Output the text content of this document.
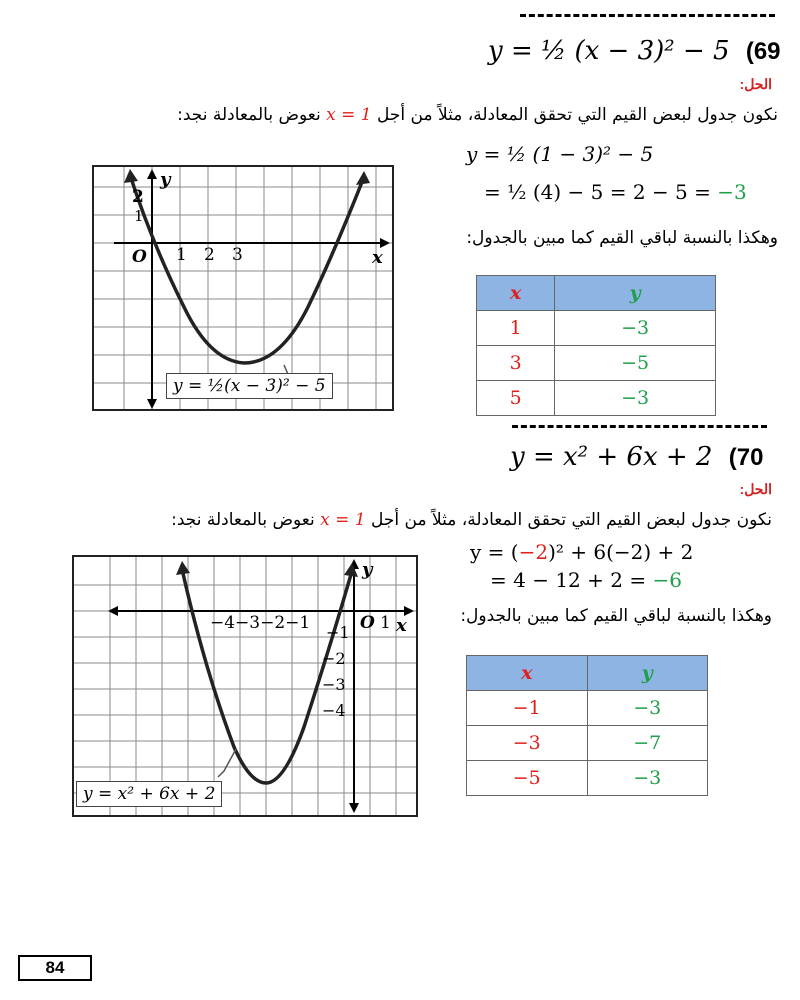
y = ½ (x − 3)² − 5 (69
الحل:
نكون جدول لبعض القيم التي تحقق المعادلة، مثلاً من أجل x = 1 نعوض بالمعادلة نجد:
y = ½ (1 − 3)² − 5
= ½ (4) − 5 = 2 − 5 = −3
وهكذا بالنسبة لباقي القيم كما مبين بالجدول:
x	y
1	−3
3	−5
5	−3
y
2
1
O	x
1 2 3
y = ½(x − 3)² − 5
y = x² + 6x + 2 (70
الحل:
نكون جدول لبعض القيم التي تحقق المعادلة، مثلاً من أجل x = 1 نعوض بالمعادلة نجد:
y = (−2)² + 6(−2) + 2
= 4 − 12 + 2 = −6
وهكذا بالنسبة لباقي القيم كما مبين بالجدول:
x	y
−1	−3
−3	−7
−5	−3
y
−4−3−2−1	O 1 x
−1
−2
−3
−4
y = x² + 6x + 2
84
